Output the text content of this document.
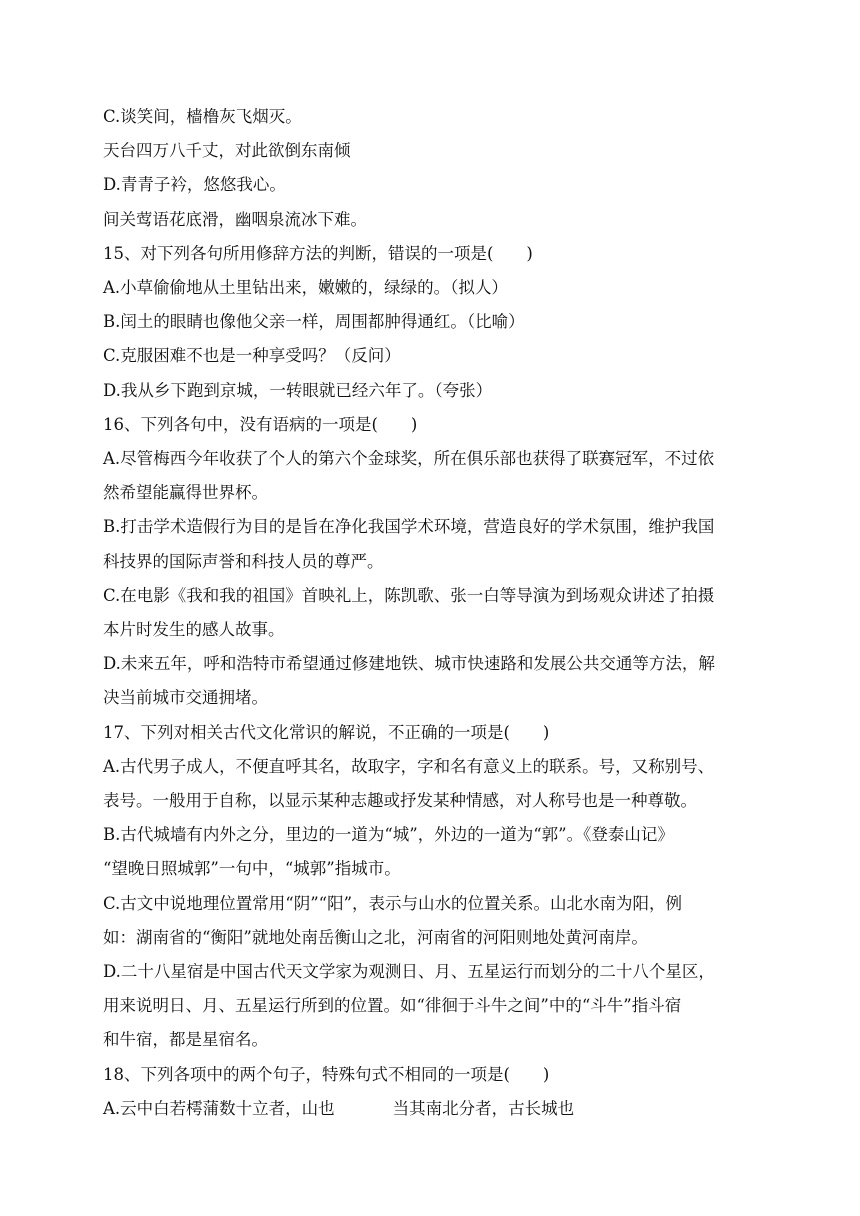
C.谈笑间，樯橹灰飞烟灭。

天台四万八千丈，对此欲倒东南倾

D.青青子衿，悠悠我心。

间关莺语花底滑，幽咽泉流冰下难。

15、对下列各句所用修辞方法的判断，错误的一项是(　　)

A.小草偷偷地从土里钻出来，嫩嫩的，绿绿的。（拟人）

B.闰土的眼睛也像他父亲一样，周围都肿得通红。（比喻）

C.克服困难不也是一种享受吗？（反问）

D.我从乡下跑到京城，一转眼就已经六年了。（夸张）

16、下列各句中，没有语病的一项是(　　)

A.尽管梅西今年收获了个人的第六个金球奖，所在俱乐部也获得了联赛冠军，不过依

然希望能赢得世界杯。

B.打击学术造假行为目的是旨在净化我国学术环境，营造良好的学术氛围，维护我国

科技界的国际声誉和科技人员的尊严。

C.在电影《我和我的祖国》首映礼上，陈凯歌、张一白等导演为到场观众讲述了拍摄

本片时发生的感人故事。

D.未来五年，呼和浩特市希望通过修建地铁、城市快速路和发展公共交通等方法，解

决当前城市交通拥堵。

17、下列对相关古代文化常识的解说，不正确的一项是(　　)

A.古代男子成人，不便直呼其名，故取字，字和名有意义上的联系。号，又称别号、

表号。一般用于自称，以显示某种志趣或抒发某种情感，对人称号也是一种尊敬。

B.古代城墙有内外之分，里边的一道为“城”，外边的一道为“郭”。《登泰山记》

“望晚日照城郭”一句中，“城郭”指城市。

C.古文中说地理位置常用“阴”“阳”，表示与山水的位置关系。山北水南为阳，例

如：湖南省的“衡阳”就地处南岳衡山之北，河南省的河阳则地处黄河南岸。

D.二十八星宿是中国古代天文学家为观测日、月、五星运行而划分的二十八个星区，

用来说明日、月、五星运行所到的位置。如“徘徊于斗牛之间”中的“斗牛”指斗宿

和牛宿，都是星宿名。

18、下列各项中的两个句子，特殊句式不相同的一项是(　　)

A.云中白若樗蒲数十立者，山也	当其南北分者，古长城也
